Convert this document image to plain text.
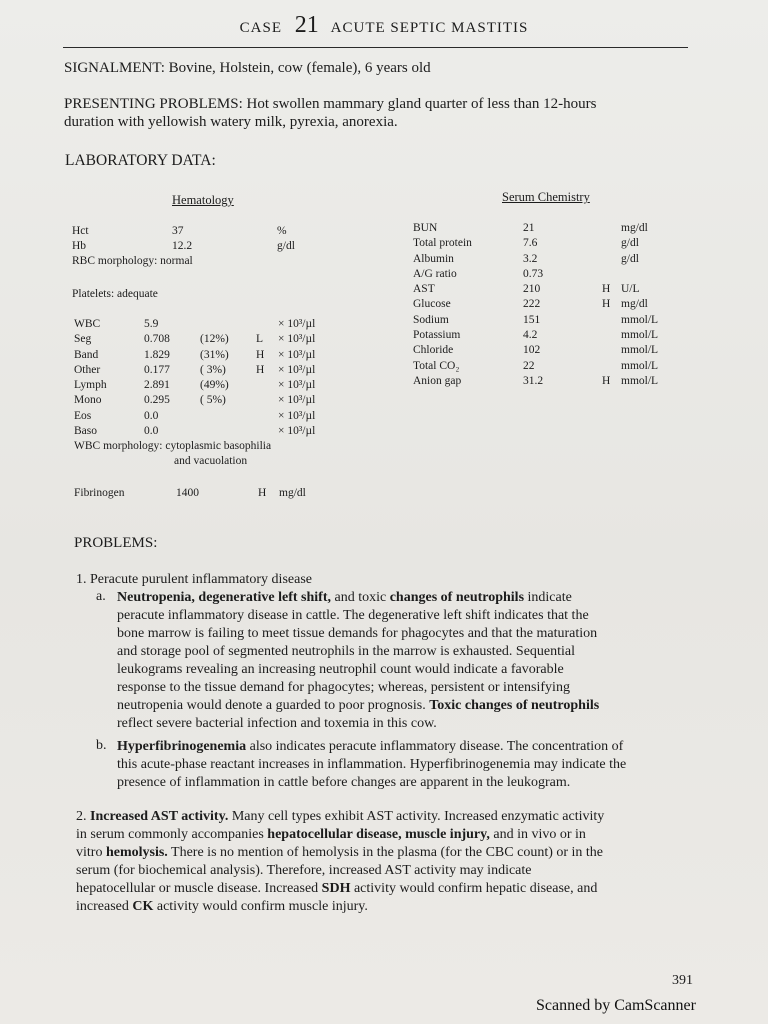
CASE 21 ACUTE SEPTIC MASTITIS
SIGNALMENT: Bovine, Holstein, cow (female), 6 years old
PRESENTING PROBLEMS: Hot swollen mammary gland quarter of less than 12-hours
duration with yellowish watery milk, pyrexia, anorexia.
LABORATORY DATA:
Hematology	Serum Chemistry
Hct	37	%
Hb	12.2	g/dl
RBC morphology: normal
Platelets: adequate
WBC	5.9	× 10³/µl
Seg	0.708	(12%) L × 10³/µl
Band	1.829	(31%) H × 10³/µl
Other	0.177	( 3%)	H × 10³/µl
Lymph	2.891	(49%)	× 10³/µl
Mono	0.295	( 5%)	× 10³/µl
Eos	0.0	× 10³/µl
Baso	0.0	× 10³/µl
WBC morphology: cytoplasmic basophilia
and vacuolation
Fibrinogen	1400	H mg/dl
BUN	21	mg/dl
Total protein	7.6	g/dl
Albumin	3.2	g/dl
A/G ratio	0.73
AST	210	H U/L
Glucose	222	H mg/dl
Sodium	151	mmol/L
Potassium	4.2	mmol/L
Chloride	102	mmol/L
Total CO₂	22	mmol/L
Anion gap	31.2	H mmol/L
PROBLEMS:
1. Peracute purulent inflammatory disease
a. Neutropenia, degenerative left shift, and toxic changes of neutrophils indicate
peracute inflammatory disease in cattle. The degenerative left shift indicates that the
bone marrow is failing to meet tissue demands for phagocytes and that the maturation
and storage pool of segmented neutrophils in the marrow is exhausted. Sequential
leukograms revealing an increasing neutrophil count would indicate a favorable
response to the tissue demand for phagocytes; whereas, persistent or intensifying
neutropenia would denote a guarded to poor prognosis. Toxic changes of neutrophils
reflect severe bacterial infection and toxemia in this cow.
b. Hyperfibrinogenemia also indicates peracute inflammatory disease. The concentration of
this acute-phase reactant increases in inflammation. Hyperfibrinogenemia may indicate the
presence of inflammation in cattle before changes are apparent in the leukogram.
2. Increased AST activity. Many cell types exhibit AST activity. Increased enzymatic activity
in serum commonly accompanies hepatocellular disease, muscle injury, and in vivo or in
vitro hemolysis. There is no mention of hemolysis in the plasma (for the CBC count) or in the
serum (for biochemical analysis). Therefore, increased AST activity may indicate
hepatocellular or muscle disease. Increased SDH activity would confirm hepatic disease, and
increased CK activity would confirm muscle injury.
391
Scanned by CamScanner
